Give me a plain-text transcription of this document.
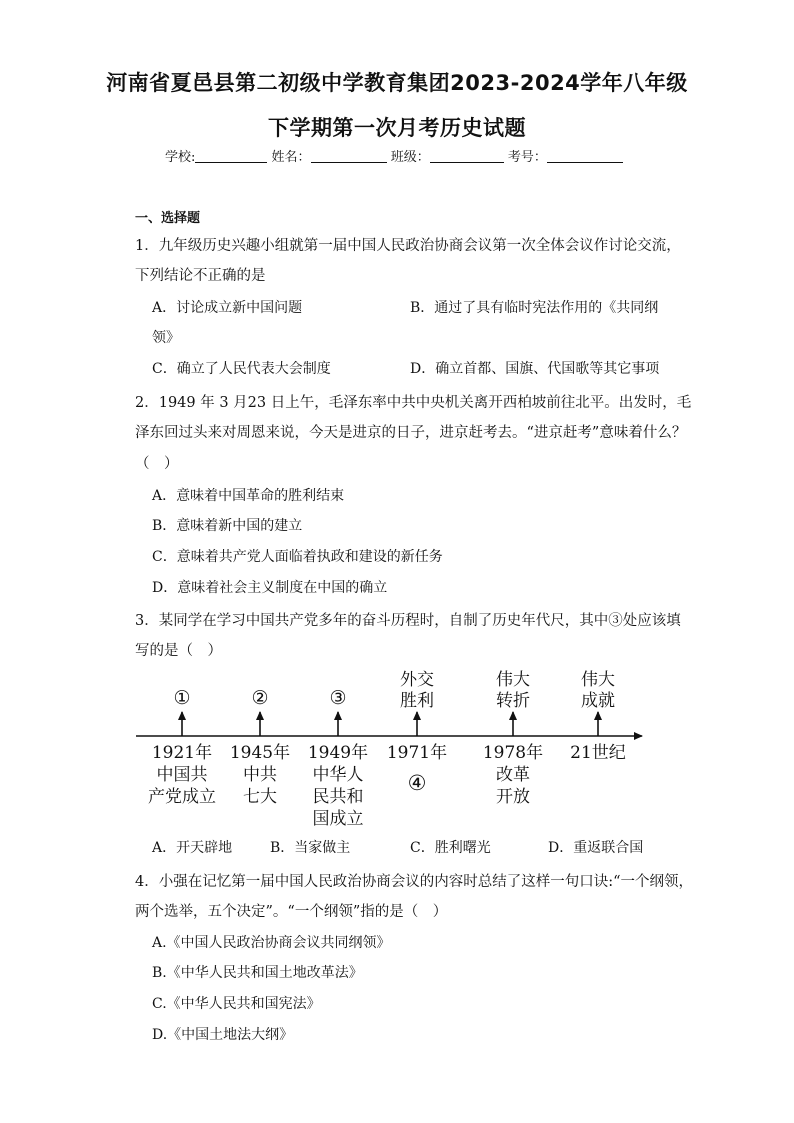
河南省夏邑县第二初级中学教育集团2023-2024学年八年级
下学期第一次月考历史试题
学校:	姓名：	班级：	考号：
一、选择题
1．九年级历史兴趣小组就第一届中国人民政治协商会议第一次全体会议作讨论交流，
下列结论不正确的是
A．讨论成立新中国问题	B．通过了具有临时宪法作用的《共同纲
领》
C．确立了人民代表大会制度	D．确立首都、国旗、代国歌等其它事项
2．1949 年 3 月23 日上午，毛泽东率中共中央机关离开西柏坡前往北平。出发时，毛
泽东回过头来对周恩来说，今天是进京的日子，进京赶考去。“进京赶考”意味着什么？
（　）
A．意味着中国革命的胜利结束
B．意味着新中国的建立
C．意味着共产党人面临着执政和建设的新任务
D．意味着社会主义制度在中国的确立
3．某同学在学习中国共产党多年的奋斗历程时，自制了历史年代尺，其中③处应该填
写的是（　）
①	②	③
外交
胜利
伟大
转折
伟大
成就
1921年 1945年 1949年 1971年 1978年 21世纪
中国共
产党成立
中共
七大
中华人
民共和
国成立
④	改革
开放
A．开天辟地	B．当家做主	C．胜利曙光	D．重返联合国
4．小强在记忆第一届中国人民政治协商会议的内容时总结了这样一句口诀:“一个纲领，
两个选举，五个决定”。“一个纲领”指的是（　）
A.《中国人民政治协商会议共同纲领》
B.《中华人民共和国土地改革法》
C.《中华人民共和国宪法》
D.《中国土地法大纲》
